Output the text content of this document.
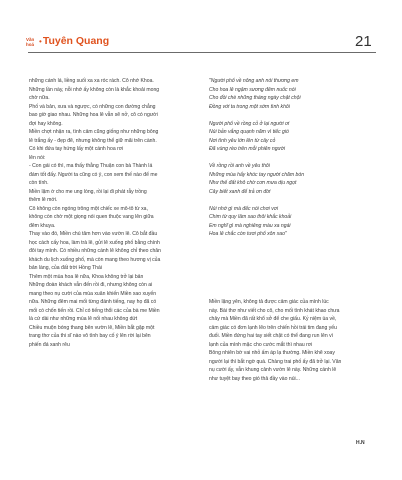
Văn
hoá • Tuyên Quang	21

những cánh lá, liềng suối xa xa róc rách. Cô nhớ Khoa.

Những lần này, nỗi nhớ ấy không còn là khắc khoải mong

chờ nữa.

Phố và bản, xưa và ngược, có những con đường chẳng

bao giờ giao nhau. Những hoa lê vẫn sẽ nở, cô có người

đợi hay không.

Miền chợt nhận ra, tình cảm cũng giống như những bông

lê trắng ấy - đẹp đẽ, nhưng không thể giữ mãi trên cành.

Có khi đứa tay hứng lấy một cánh hoa rơi

lên nói:

- Con gái có thì, ma thấy thằng Thuận con bà Thành lá

đám tốt đấy. Người ta cũng có ý, con xem thế nào để me

còn tính.

Miền lặm ờ cho me ung lòng, rồi lại đi phát rẫy trồng

thêm lê mới.

Cô không còn ngóng trông một chiếc xe mô-tô từ xa,

không còn chờ một giọng nói quen thuộc vang lên giữa

đêm khuya.

Thay vào đó, Miền chú tâm hơn vào vườn lê. Cô bắt đầu

học cách cấy hoa, làm trà lê, gửi lê xuống phố bằng chính

đôi tay mình. Có nhiều những cánh lê không chỉ theo chân

khách du lịch xuống phố, mà còn mang theo hương vị của

bản làng, của đất trời Hồng Thái

Thêm một mùa hoa lê nữa, Khoa không trở lại bản

Những đoàn khách vẫn đến rồi đi, nhưng không còn ai

mang theo nụ cười của mùa xuân khiến Miền xao xuyến

nữa. Những đêm mai mối từng đánh tiếng, nay họ đã có

mối có chốn tiến rồi. Chỉ có tiếng thổi các của bà me Miền

là cứ dài như những mùa lê nối nhau không dứt

Chiều muộn bóng thang bên vườn lê, Miền bắt gặp một

trang thơ của thi sĩ nào vô tình bay cố ý lên rời lại bên

phiến đá xanh rêu

"Người phố về nông anh nói thương em

Cho hoa lê ngậm sương đêm nuốc nói

Cho đồi chè những tháng ngày chật chội

Đồng với ta trong một sớm tình khôi

Người phố về rồng cỏ ở lại người ơi

Núi bản vắng quạnh năm vì tiếc gió

Nơi tình yêu lớn lên từ cây cỏ

Đã vùng rèo trên mỗi phiên người

Về rồng rồi anh về yêu thôi

Những mùa hẩy khóc tay người chăm bón

Như thế đất khô chờ cơn mưa dịu ngọt

Cây biết xanh để trả ơn đời

Núi nhớ gì mà đếc nói chơi vơi

Chim từ quy lâm sao thôi khắc khoải

Em nghĩ gì mà nghiêng màu xa ngái

Hoa lê chắc còn tươi phố xôn xao"

Miền lặng yên, không tả được cảm giác của mình lúc

này. Bài thơ như viết cho cô, cho mối tình khát khao chưa

chảy mà Miền đã rất khổ sở để che giấu. Kỷ niệm ùa về,

cảm giác có đơn lạnh lẽo trên chiến hồi trái tim đang yếu

đuối. Miền đứng hai tay siết chặt có thể đang run lên vì

lạnh của mình mặc cho cước mắt thì nhau rơi

Bông nhiên bờ vai nhỏ ấm áp lạ thường. Miền khẽ xoay

người lại thì bắt ngờ quá. Chàng trai phố ấy đã trở lại. Vân

nụ cười ấy, vẫn khung cảnh vườn lê này. Những cánh lê

như tuyệt bay theo gió thả đầy vào núi...

H.N
